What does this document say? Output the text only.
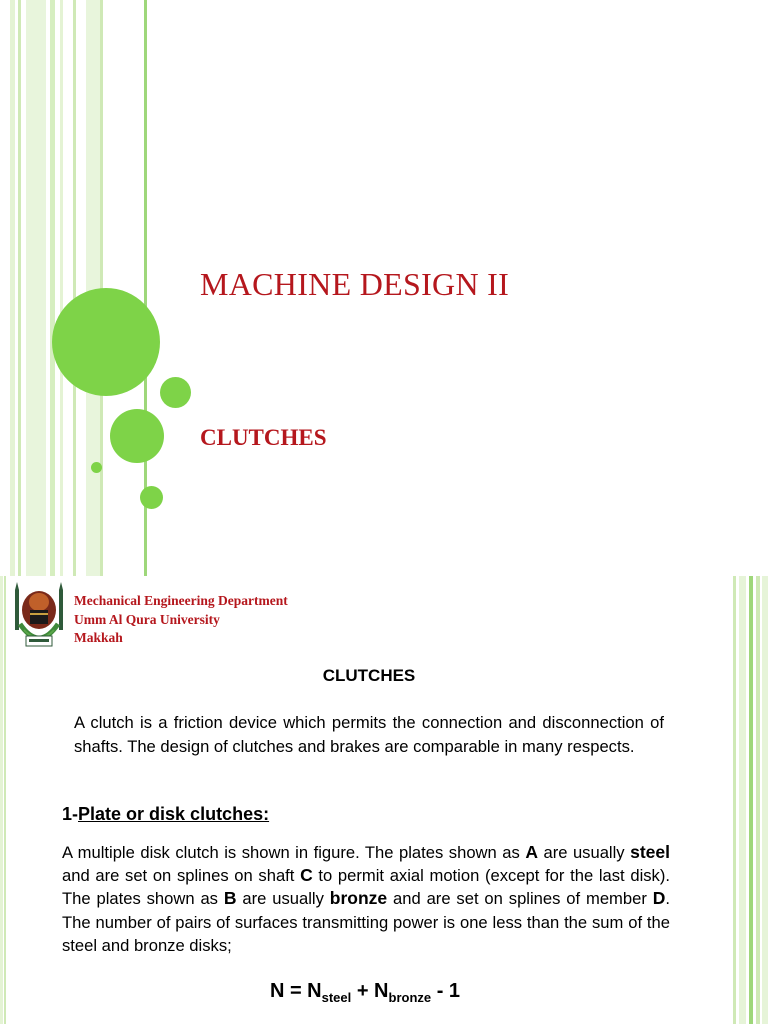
MACHINE DESIGN II
CLUTCHES
Mechanical Engineering Department
Umm Al Qura University
Makkah
CLUTCHES

A clutch is a friction device which permits the connection and disconnection of shafts. The design of clutches and brakes are comparable in many respects.

1-Plate or disk clutches:

A multiple disk clutch is shown in figure. The plates shown as A are usually steel and are set on splines on shaft C to permit axial motion (except for the last disk). The plates shown as B are usually bronze and are set on splines of member D. The number of pairs of surfaces transmitting power is one less than the sum of the steel and bronze disks;

$N = N_{steel} + N_{bronze} - 1$
